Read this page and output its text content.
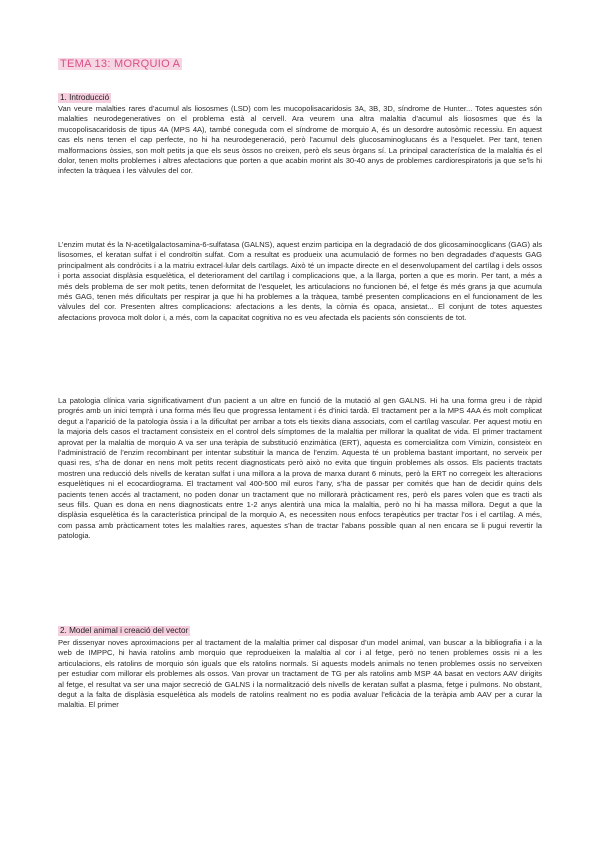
TEMA 13: MORQUIO A
1. Introducció
Van veure malalties rares d’acumul als liososmes (LSD) com les mucopolisacaridosis 3A, 3B, 3D, síndrome de Hunter... Totes aquestes són malalties neurodegeneratives on el problema està al cervell. Ara veurem una altra malaltia d’acumul als liososmes que és la mucopolisacaridosis de tipus 4A (MPS 4A), també coneguda com el síndrome de morquio A, és un desordre autosòmic recessiu. En aquest cas els nens tenen el cap perfecte, no hi ha neurodegeneració, però l’acumul dels glucosaminoglucans és a l’esquelet. Per tant, tenen malformacions òssies, son molt petits ja que els seus òssos no creixen, però els seus òrgans sí. La principal característica de la malaltia és el dolor, tenen molts problemes i altres afectacions que porten a que acabin morint als 30-40 anys de problemes cardiorespiratoris ja que se’ls hi infecten la tràquea i les vàlvules del cor.
L’enzim mutat és la N-acetilgalactosamina-6-sulfatasa (GALNS), aquest enzim participa en la degradació de dos glicosaminocglicans (GAG) als lisosomes, el keratan sulfat i el condroïtin sulfat. Com a resultat es produeix una acumulació de formes no ben degradades d’aquests GAG principalment als condròcits i a la matriu extracel·lular dels cartílags. Això té un impacte directe en el desenvolupament del cartílag i dels ossos i porta associat displàsia esquelètica, el deteriorament del cartílag i complicacions que, a la llarga, porten a que es morin. Per tant, a més a més dels problema de ser molt petits, tenen deformitat de l’esquelet, les articulacions no funcionen bé, el fetge és més grans ja que acumula més GAG, tenen més dificultats per respirar ja que hi ha problemes a la tràquea, també presenten complicacions en el funcionament de les vàlvules del cor. Presenten altres complicacions: afectacions a les dents, la còrnia és opaca, ansietat... El conjunt de totes aquestes afectacions provoca molt dolor i, a més, com la capacitat cognitiva no es veu afectada els pacients són conscients de tot.
La patologia clínica varia significativament d’un pacient a un altre en funció de la mutació al gen GALNS. Hi ha una forma greu i de ràpid progrés amb un inici temprà i una forma més lleu que progressa lentament i és d’inici tardà. El tractament per a la MPS 4AA és molt complicat degut a l’aparició de la patologia òssia i a la dificultat per arribar a tots els tiexits diana associats, com el cartílag vascular. Per aquest motiu en la majoria dels casos el tractament consisteix en el control dels símptomes de la malaltia per millorar la qualitat de vida. El primer tractament aprovat per la malaltia de morquio A va ser una teràpia de substitució enzimàtica (ERT), aquesta es comercialitza com Vimizin, consisteix en l’administració de l’enzim recombinant per intentar substituir la manca de l’enzim. Aquesta té un problema bastant important, no serveix per quasi res, s’ha de donar en nens molt petits recent diagnosticats però això no evita que tinguin problemes als ossos. Els pacients tractats mostren una reducció dels nivells de keratan sulfat i una millora a la prova de marxa durant 6 minuts, però la ERT no corregeix les alteracions esquelètiques ni el ecocardiograma. El tractament val 400-500 mil euros l’any, s’ha de passar per comités que han de decidir quins dels pacients tenen accés al tractament, no poden donar un tractament que no millorarà pràcticament res, però els pares volen que es tracti als seus fills. Quan es dona en nens diagnosticats entre 1-2 anys alentirà una mica la malaltia, però no hi ha massa millora. Degut a que la displàsia esquelètica és la característica principal de la morquio A, es necessiten nous enfocs terapèutics per tractar l’os i el cartílag. A més, com passa amb pràcticament totes les malalties rares, aquestes s’han de tractar l’abans possible quan al nen encara se li pugui revertir la patologia.
2. Model animal i creació del vector
Per dissenyar noves aproximacions per al tractament de la malaltia primer cal disposar d’un model animal, van buscar a la bibliografia i a la web de IMPPC, hi havia ratolins amb morquio que reprodueixen la malaltia al cor i al fetge, però no tenen problemes ossis ni a les articulacions, els ratolins de morquio són iguals que els ratolins normals. Si aquests models animals no tenen problemes ossis no serveixen per estudiar com millorar els problemes als ossos. Van provar un tractament de TG per als ratolins amb MSP 4A basat en vectors AAV dirigits al fetge, el resultat va ser una major secreció de GALNS i la normalització dels nivells de keratan sulfat a plasma, fetge i pulmons. No obstant, degut a la falta de displàsia esquelètica als models de ratolins realment no es podia avaluar l’eficàcia de la teràpia amb AAV per a curar la malaltia. El primer
